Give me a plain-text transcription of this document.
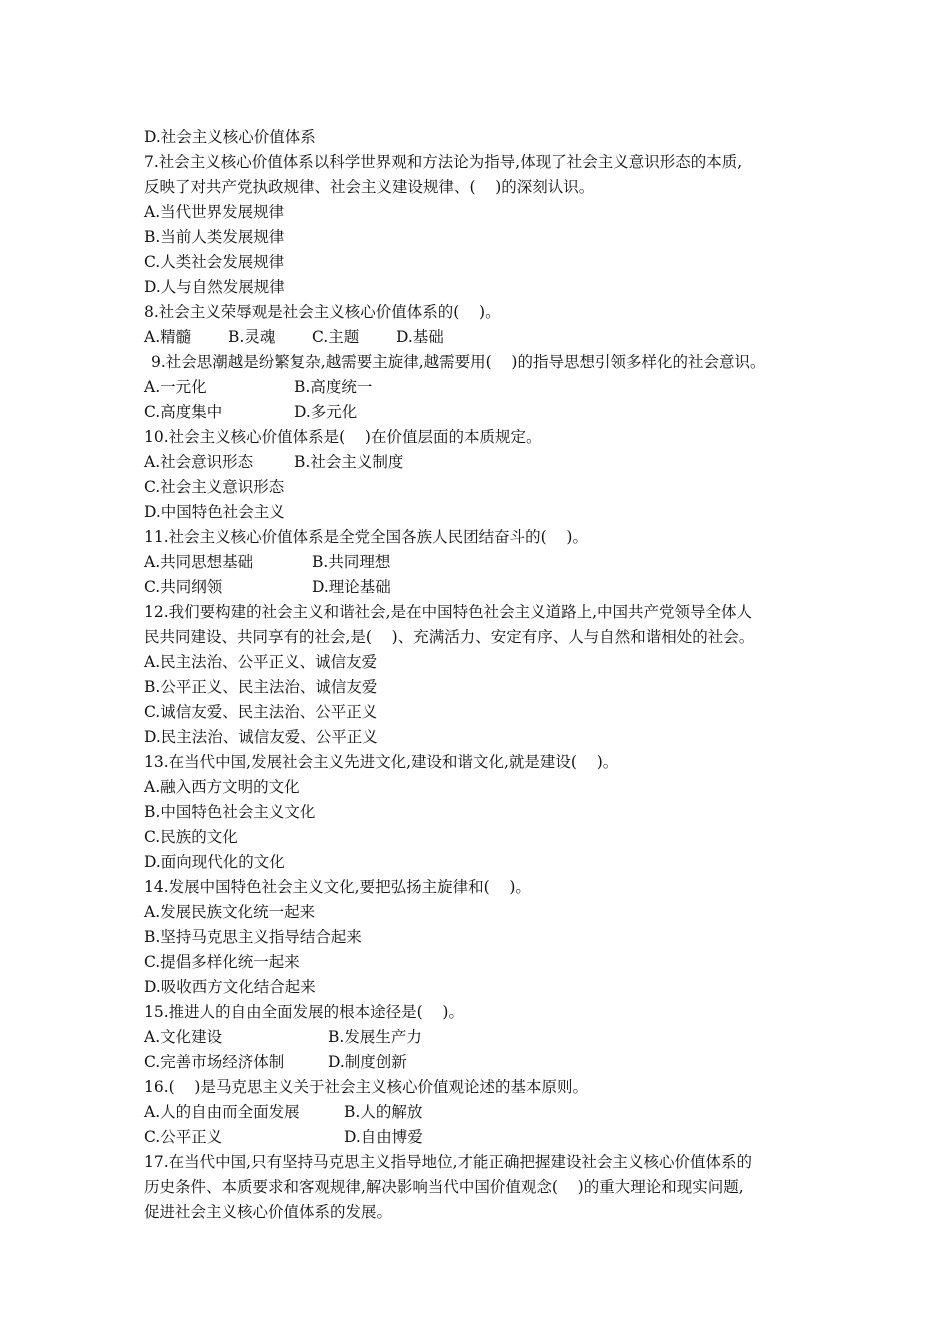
D.社会主义核心价值体系
7.社会主义核心价值体系以科学世界观和方法论为指导,体现了社会主义意识形态的本质,
反映了对共产党执政规律、社会主义建设规律、(    )的深刻认识。
A.当代世界发展规律
B.当前人类发展规律
C.人类社会发展规律
D.人与自然发展规律
8.社会主义荣辱观是社会主义核心价值体系的(    )。
A.精髓 B.灵魂 C.主题 D.基础
9.社会思潮越是纷繁复杂,越需要主旋律,越需要用(    )的指导思想引领多样化的社会意识。
A.一元化	B.高度统一
C.高度集中	D.多元化
10.社会主义核心价值体系是(    )在价值层面的本质规定。
A.社会意识形态	B.社会主义制度
C.社会主义意识形态
D.中国特色社会主义
11.社会主义核心价值体系是全党全国各族人民团结奋斗的(    )。
A.共同思想基础	B.共同理想
C.共同纲领	D.理论基础
12.我们要构建的社会主义和谐社会,是在中国特色社会主义道路上,中国共产党领导全体人
民共同建设、共同享有的社会,是(    )、充满活力、安定有序、人与自然和谐相处的社会。
A.民主法治、公平正义、诚信友爱
B.公平正义、民主法治、诚信友爱
C.诚信友爱、民主法治、公平正义
D.民主法治、诚信友爱、公平正义
13.在当代中国,发展社会主义先进文化,建设和谐文化,就是建设(    )。
A.融入西方文明的文化
B.中国特色社会主义文化
C.民族的文化
D.面向现代化的文化
14.发展中国特色社会主义文化,要把弘扬主旋律和(    )。
A.发展民族文化统一起来
B.坚持马克思主义指导结合起来
C.提倡多样化统一起来
D.吸收西方文化结合起来
15.推进人的自由全面发展的根本途径是(    )。
A.文化建设	B.发展生产力
C.完善市场经济体制	D.制度创新
16.(    )是马克思主义关于社会主义核心价值观论述的基本原则。
A.人的自由而全面发展	B.人的解放
C.公平正义	D.自由博爱
17.在当代中国,只有坚持马克思主义指导地位,才能正确把握建设社会主义核心价值体系的
历史条件、本质要求和客观规律,解决影响当代中国价值观念(    )的重大理论和现实问题,
促进社会主义核心价值体系的发展。
